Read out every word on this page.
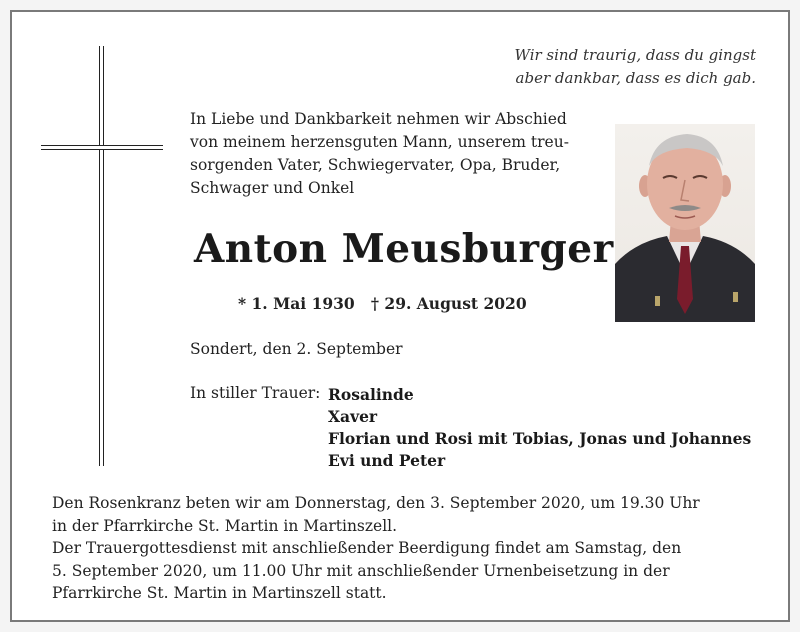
Wir sind traurig, dass du gingst
aber dankbar, dass es dich gab.
In Liebe und Dankbarkeit nehmen wir Abschied
von meinem herzensguten Mann, unserem treu-
sorgenden Vater, Schwiegervater, Opa, Bruder,
Schwager und Onkel
Anton Meusburger
* 1. Mai 1930 † 29. August 2020
Sondert, den 2. September
In stiller Trauer: Rosalinde
Xaver
Florian und Rosi mit Tobias, Jonas und Johannes
Evi und Peter

Den Rosenkranz beten wir am Donnerstag, den 3. September 2020, um 19.30 Uhr

in der Pfarrkirche St. Martin in Martinszell.

Der Trauergottesdienst mit anschließender Beerdigung findet am Samstag, den

5. September 2020, um 11.00 Uhr mit anschließender Urnenbeisetzung in der

Pfarrkirche St. Martin in Martinszell statt.
